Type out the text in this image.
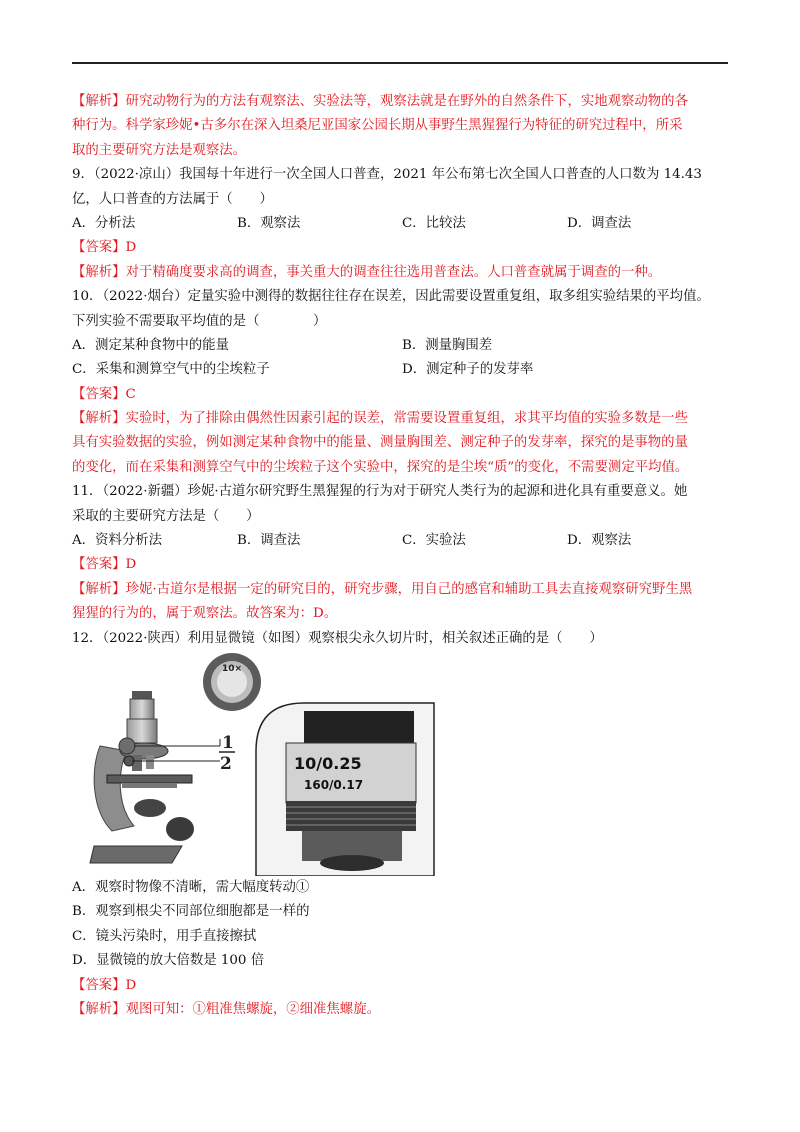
【解析】研究动物行为的方法有观察法、实验法等，观察法就是在野外的自然条件下，实地观察动物的各
种行为。科学家珍妮•古多尔在深入坦桑尼亚国家公园长期从事野生黑猩猩行为特征的研究过程中，所采
取的主要研究方法是观察法。
9．（2022·凉山）我国每十年进行一次全国人口普查，2021 年公布第七次全国人口普查的人口数为 14.43
亿，人口普查的方法属于（　　）
A．分析法	B．观察法	C．比较法	D．调查法
【答案】D
【解析】对于精确度要求高的调查，事关重大的调查往往选用普查法。人口普查就属于调查的一种。
10．（2022·烟台）定量实验中测得的数据往往存在误差，因此需要设置重复组，取多组实验结果的平均值。
下列实验不需要取平均值的是（　　　　）
A．测定某种食物中的能量	B．测量胸围差
C．采集和测算空气中的尘埃粒子	D．测定种子的发芽率
【答案】C
【解析】实验时，为了排除由偶然性因素引起的误差，常需要设置重复组，求其平均值的实验多数是一些
具有实验数据的实验，例如测定某种食物中的能量、测量胸围差、测定种子的发芽率，探究的是事物的量
的变化，而在采集和测算空气中的尘埃粒子这个实验中，探究的是尘埃“质”的变化，不需要测定平均值。
11．（2022·新疆）珍妮·古道尔研究野生黑猩猩的行为对于研究人类行为的起源和进化具有重要意义。她
采取的主要研究方法是（　　）
A．资料分析法	B．调查法	C．实验法	D．观察法
【答案】D
【解析】珍妮·古道尔是根据一定的研究目的，研究步骤，用自己的感官和辅助工具去直接观察研究野生黑
猩猩的行为的，属于观察法。故答案为：D。
12．（2022·陕西）利用显微镜（如图）观察根尖永久切片时，相关叙述正确的是（　　）
10×
1
2	10/0.25
160/0.17
A．观察时物像不清晰，需大幅度转动①
B．观察到根尖不同部位细胞都是一样的
C．镜头污染时，用手直接擦拭
D．显微镜的放大倍数是 100 倍
【答案】D
【解析】观图可知：①粗准焦螺旋，②细准焦螺旋。
